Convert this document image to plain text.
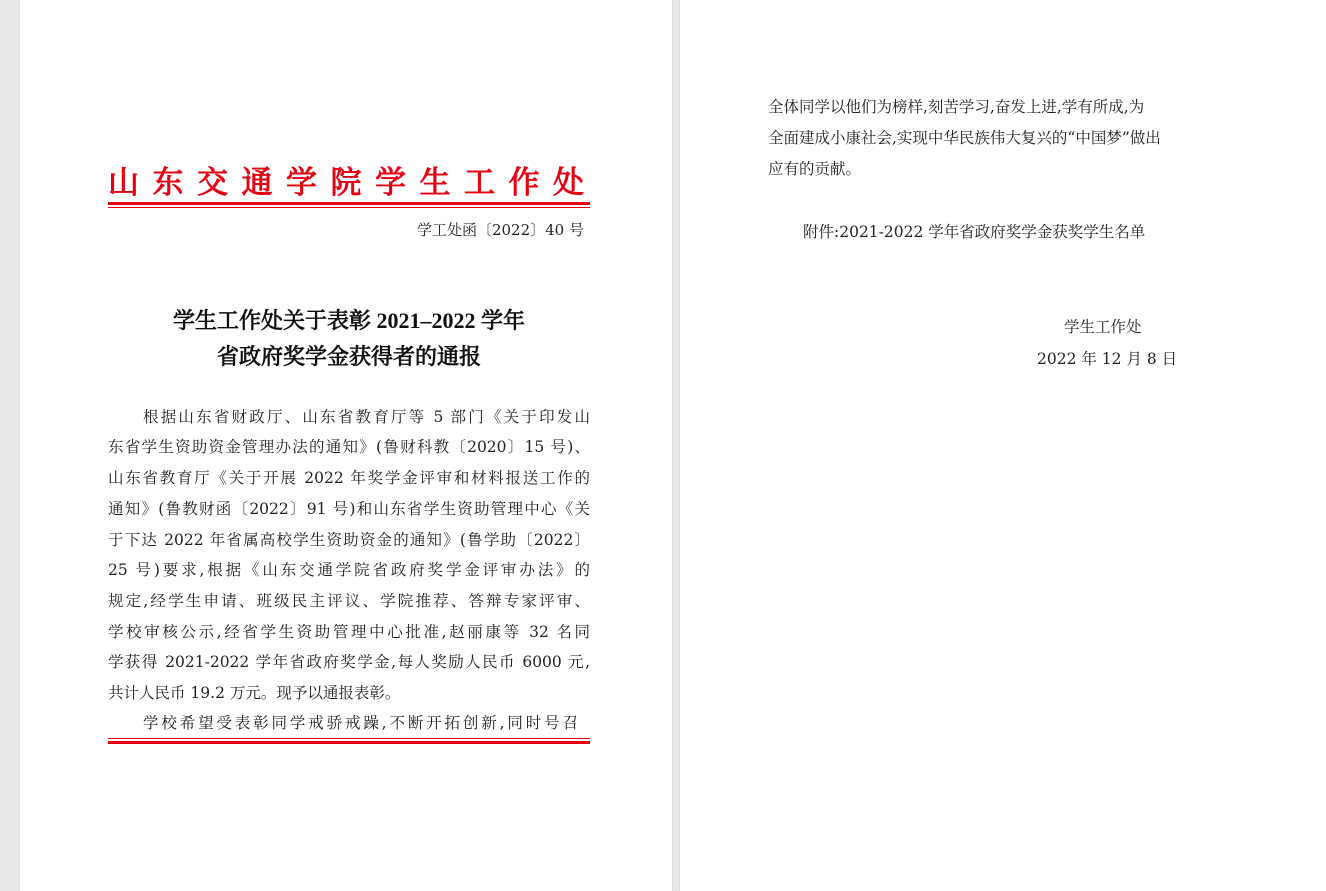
山东交通学院学生工作处
学工处函〔2022〕40 号
学生工作处关于表彰 2021–2022 学年
省政府奖学金获得者的通报
根据山东省财政厅、山东省教育厅等 5 部门《关于印发山
东省学生资助资金管理办法的通知》(鲁财科教〔2020〕15 号)、
山东省教育厅《关于开展 2022 年奖学金评审和材料报送工作的
通知》(鲁教财函〔2022〕91 号)和山东省学生资助管理中心《关
于下达 2022 年省属高校学生资助资金的通知》(鲁学助〔2022〕
25 号)要求,根据《山东交通学院省政府奖学金评审办法》的
规定,经学生申请、班级民主评议、学院推荐、答辩专家评审、
学校审核公示,经省学生资助管理中心批准,赵丽康等 32 名同
学获得 2021-2022 学年省政府奖学金,每人奖励人民币 6000 元,
共计人民币 19.2 万元。现予以通报表彰。
学校希望受表彰同学戒骄戒躁,不断开拓创新,同时号召
全体同学以他们为榜样,刻苦学习,奋发上进,学有所成,为
全面建成小康社会,实现中华民族伟大复兴的“中国梦”做出
应有的贡献。
附件:2021-2022 学年省政府奖学金获奖学生名单
学生工作处
2022 年 12 月 8 日
